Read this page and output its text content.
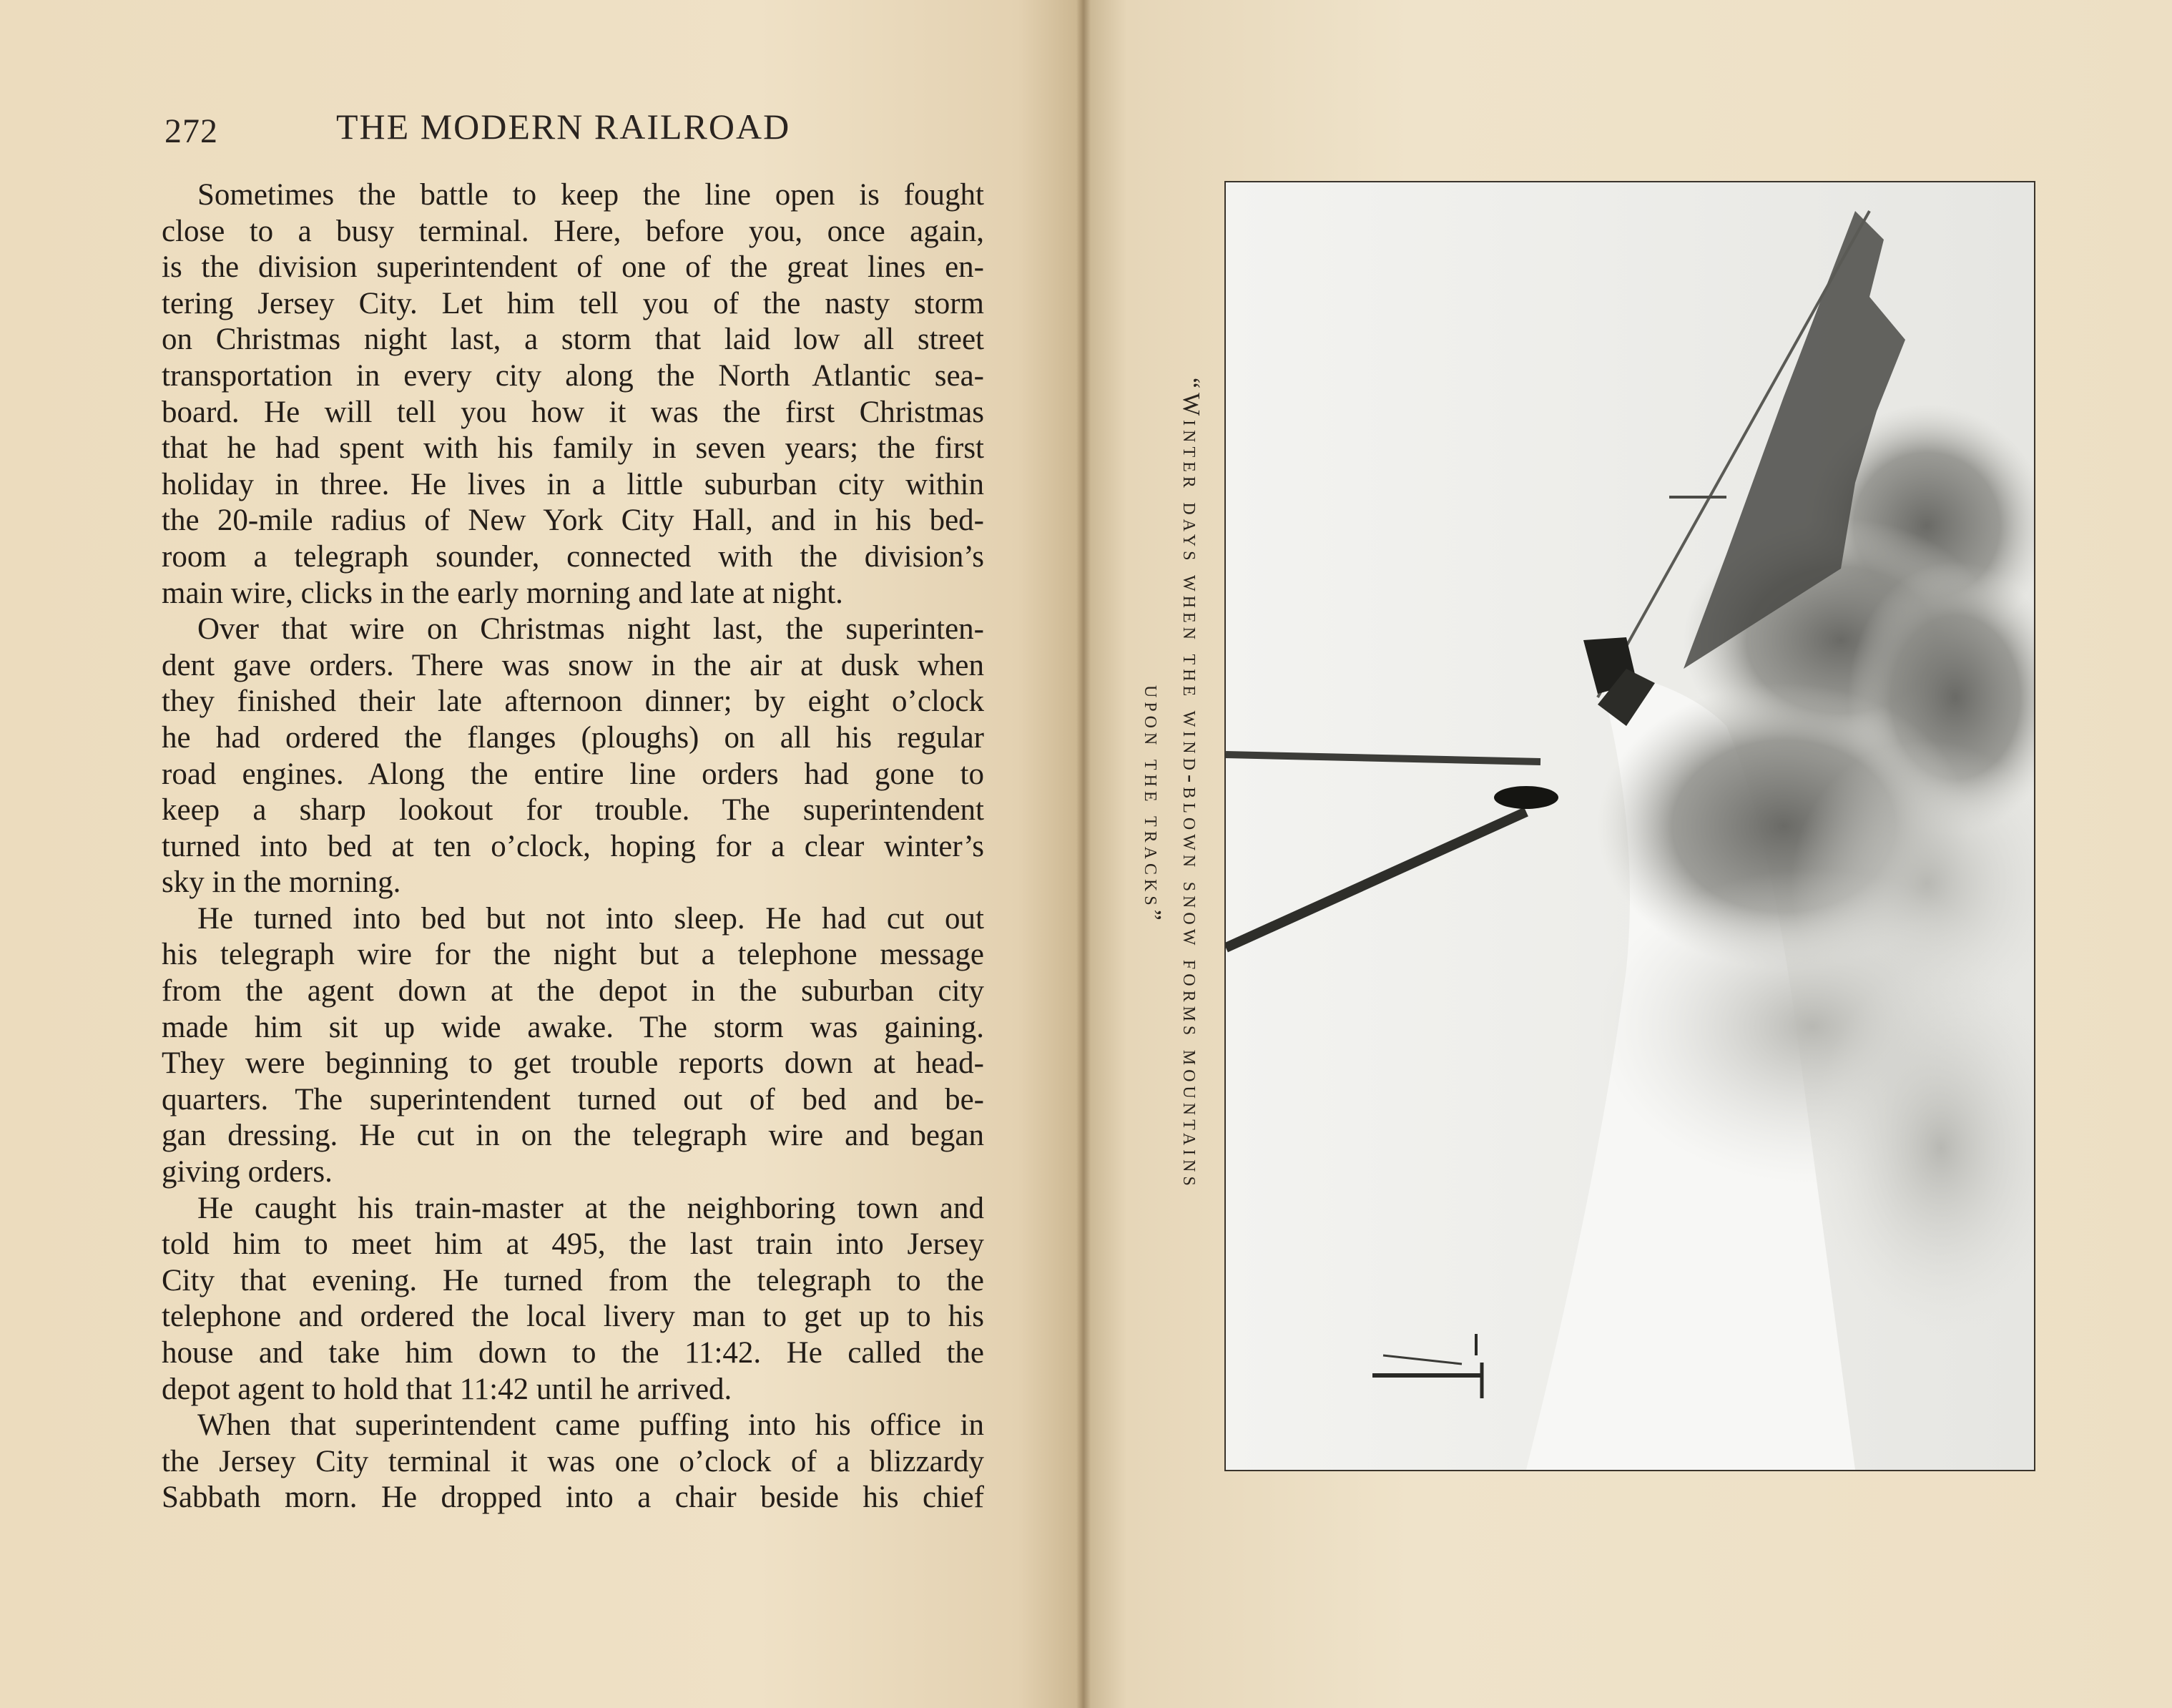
272	THE MODERN RAILROAD
Sometimes the battle to keep the line open is fought
close to a busy terminal. Here, before you, once again,
is the division superintendent of one of the great lines en-
tering Jersey City. Let him tell you of the nasty storm
on Christmas night last, a storm that laid low all street
transportation in every city along the North Atlantic sea-
board. He will tell you how it was the first Christmas
that he had spent with his family in seven years; the first
holiday in three. He lives in a little suburban city within
the 20-mile radius of New York City Hall, and in his bed-
room a telegraph sounder, connected with the division’s
main wire, clicks in the early morning and late at night.
Over that wire on Christmas night last, the superinten-
dent gave orders. There was snow in the air at dusk when
they finished their late afternoon dinner; by eight o’clock
he had ordered the flanges (ploughs) on all his regular
road engines. Along the entire line orders had gone to
keep a sharp lookout for trouble. The superintendent
turned into bed at ten o’clock, hoping for a clear winter’s
sky in the morning.
He turned into bed but not into sleep. He had cut out
his telegraph wire for the night but a telephone message
from the agent down at the depot in the suburban city
made him sit up wide awake. The storm was gaining.
They were beginning to get trouble reports down at head-
quarters. The superintendent turned out of bed and be-
gan dressing. He cut in on the telegraph wire and began
giving orders.
He caught his train-master at the neighboring town and
told him to meet him at 495, the last train into Jersey
City that evening. He turned from the telegraph to the
telephone and ordered the local livery man to get up to his
house and take him down to the 11:42. He called the
depot agent to hold that 11:42 until he arrived.
When that superintendent came puffing into his office in
the Jersey City terminal it was one o’clock of a blizzardy
Sabbath morn. He dropped into a chair beside his chief
“Winter days when the wind-blown snow forms mountains
upon the tracks”
